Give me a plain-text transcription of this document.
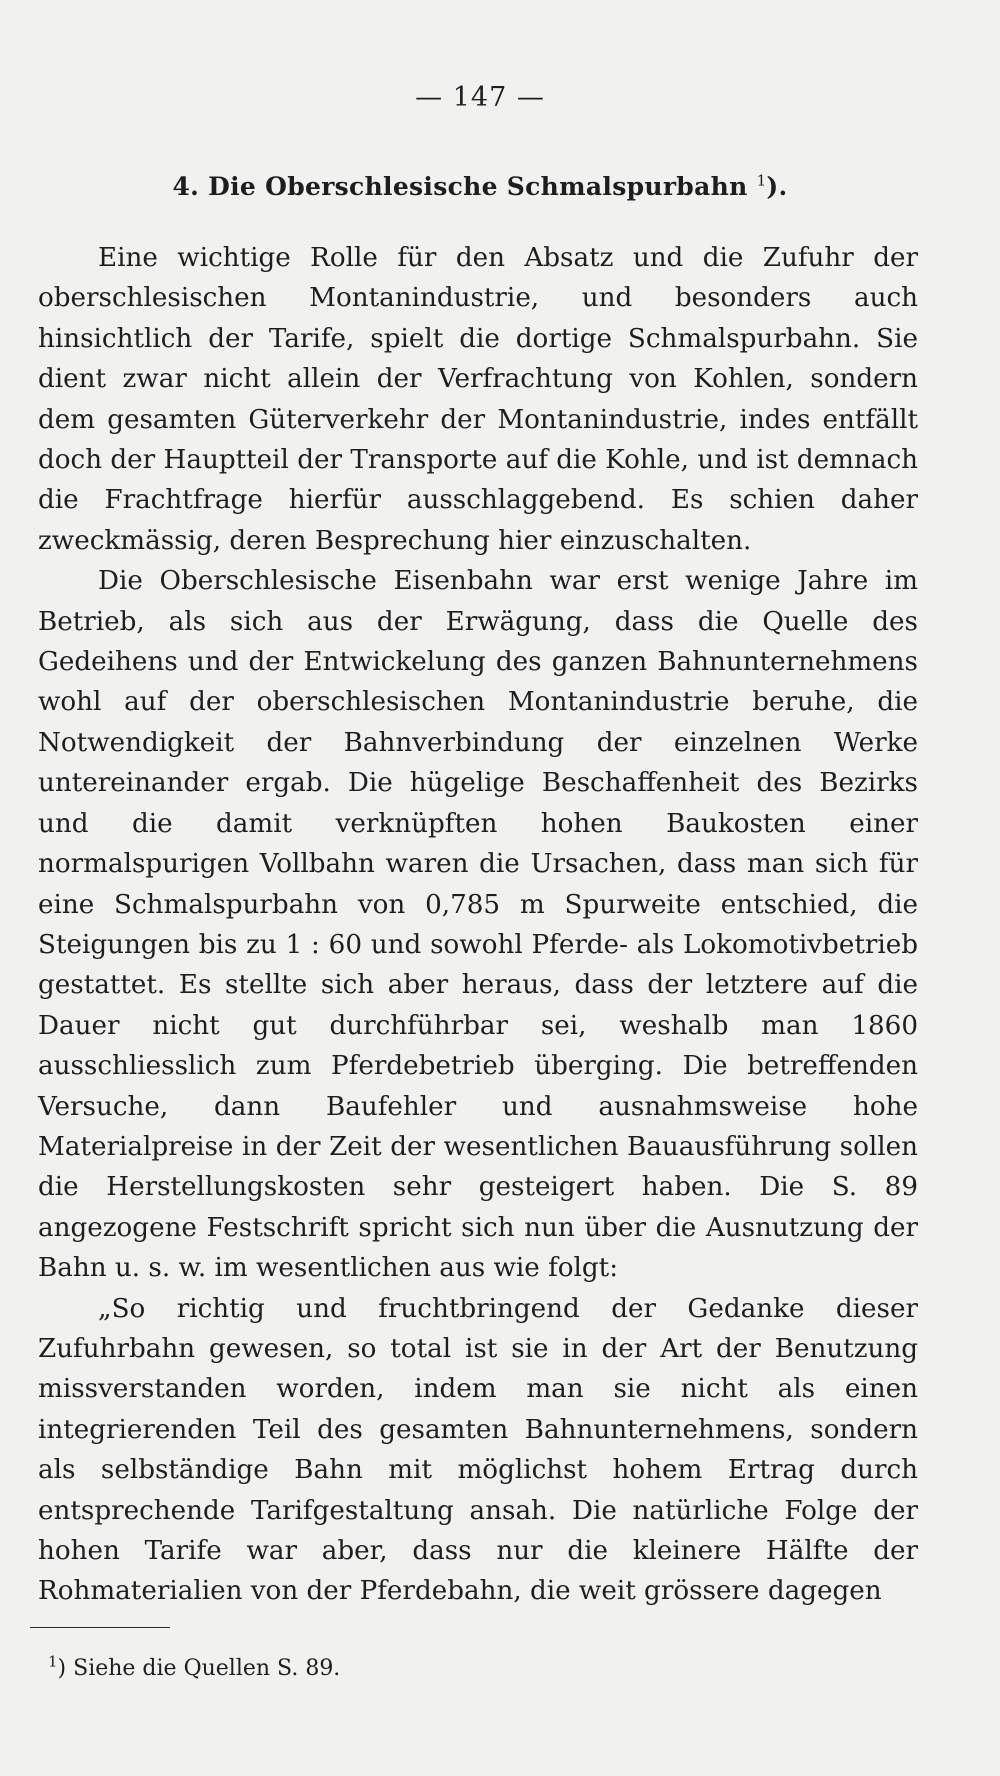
— 147 —
4. Die Oberschlesische Schmalspurbahn $^1$).

Eine wichtige Rolle für den Absatz und die Zufuhr der oberschlesischen Montanindustrie, und besonders auch hinsichtlich der Tarife, spielt die dortige Schmalspurbahn. Sie dient zwar nicht allein der Verfrachtung von Kohlen, sondern dem gesamten Güterverkehr der Montanindustrie, indes entfällt doch der Hauptteil der Transporte auf die Kohle, und ist demnach die Frachtfrage hierfür ausschlaggebend. Es schien daher zweckmässig, deren Besprechung hier einzuschalten.

Die Oberschlesische Eisenbahn war erst wenige Jahre im Betrieb, als sich aus der Erwägung, dass die Quelle des Gedeihens und der Entwickelung des ganzen Bahnunternehmens wohl auf der oberschlesischen Montanindustrie beruhe, die Notwendigkeit der Bahnverbindung der einzelnen Werke untereinander ergab. Die hügelige Beschaffenheit des Bezirks und die damit verknüpften hohen Baukosten einer normalspurigen Vollbahn waren die Ursachen, dass man sich für eine Schmalspurbahn von 0,785 m Spurweite entschied, die Steigungen bis zu 1 : 60 und sowohl Pferde- als Lokomotivbetrieb gestattet. Es stellte sich aber heraus, dass der letztere auf die Dauer nicht gut durchführbar sei, weshalb man 1860 ausschliesslich zum Pferdebetrieb überging. Die betreffenden Versuche, dann Baufehler und ausnahmsweise hohe Materialpreise in der Zeit der wesentlichen Bauausführung sollen die Herstellungskosten sehr gesteigert haben. Die S. 89 angezogene Festschrift spricht sich nun über die Ausnutzung der Bahn u. s. w. im wesentlichen aus wie folgt:

„So richtig und fruchtbringend der Gedanke dieser Zufuhrbahn gewesen, so total ist sie in der Art der Benutzung missverstanden worden, indem man sie nicht als einen integrierenden Teil des gesamten Bahnunternehmens, sondern als selbständige Bahn mit möglichst hohem Ertrag durch entsprechende Tarifgestaltung ansah. Die natürliche Folge der hohen Tarife war aber, dass nur die kleinere Hälfte der Rohmaterialien von der Pferdebahn, die weit grössere dagegen

$^1$) Siehe die Quellen S. 89.
